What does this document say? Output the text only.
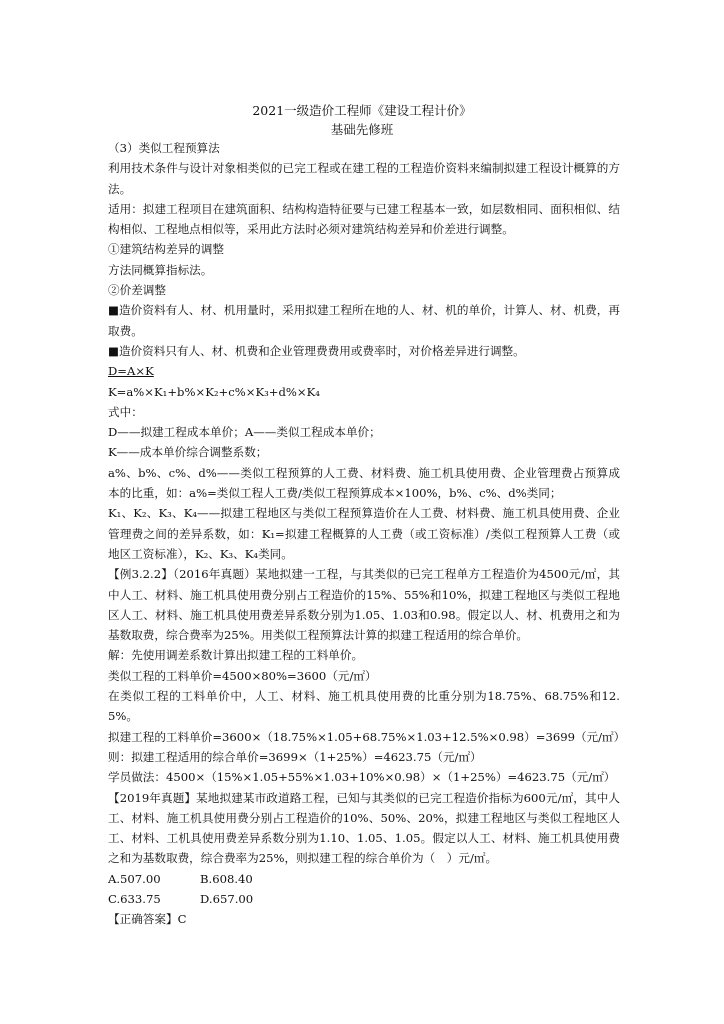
2021一级造价工程师《建设工程计价》
基础先修班

（3）类似工程预算法

利用技术条件与设计对象相类似的已完工程或在建工程的工程造价资料来编制拟建工程设计概算的方法。

适用：拟建工程项目在建筑面积、结构构造特征要与已建工程基本一致，如层数相同、面积相似、结构相似、工程地点相似等，采用此方法时必须对建筑结构差异和价差进行调整。

①建筑结构差异的调整

方法同概算指标法。

②价差调整

■造价资料有人、材、机用量时，采用拟建工程所在地的人、材、机的单价，计算人、材、机费，再取费。

■造价资料只有人、材、机费和企业管理费费用或费率时，对价格差异进行调整。

D=A×K

K=a%×K₁+b%×K₂+c%×K₃+d%×K₄

式中：

D——拟建工程成本单价；A——类似工程成本单价；

K——成本单价综合调整系数；

a%、b%、c%、d%——类似工程预算的人工费、材料费、施工机具使用费、企业管理费占预算成本的比重，如：a%=类似工程人工费/类似工程预算成本×100%，b%、c%、d%类同；

K₁、K₂、K₃、K₄——拟建工程地区与类似工程预算造价在人工费、材料费、施工机具使用费、企业管理费之间的差异系数，如：K₁=拟建工程概算的人工费（或工资标准）/类似工程预算人工费（或地区工资标准），K₂、K₃、K₄类同。

【例3.2.2】（2016年真题）某地拟建一工程，与其类似的已完工程单方工程造价为4500元/㎡，其中人工、材料、施工机具使用费分别占工程造价的15%、55%和10%，拟建工程地区与类似工程地区人工、材料、施工机具使用费差异系数分别为1.05、1.03和0.98。假定以人、材、机费用之和为基数取费，综合费率为25%。用类似工程预算法计算的拟建工程适用的综合单价。

解：先使用调差系数计算出拟建工程的工料单价。

类似工程的工料单价=4500×80%=3600（元/㎡）

在类似工程的工料单价中，人工、材料、施工机具使用费的比重分别为18.75%、68.75%和12.5%。

拟建工程的工料单价=3600×（18.75%×1.05+68.75%×1.03+12.5%×0.98）=3699（元/㎡）

则：拟建工程适用的综合单价=3699×（1+25%）=4623.75（元/㎡）

学员做法：4500×（15%×1.05+55%×1.03+10%×0.98）×（1+25%）=4623.75（元/㎡）

【2019年真题】某地拟建某市政道路工程，已知与其类似的已完工程造价指标为600元/㎡，其中人工、材料、施工机具使用费分别占工程造价的10%、50%、20%，拟建工程地区与类似工程地区人工、材料、工机具使用费差异系数分别为1.10、1.05、1.05。假定以人工、材料、施工机具使用费之和为基数取费，综合费率为25%，则拟建工程的综合单价为（　）元/㎡。

A.507.00	B.608.40
C.633.75	D.657.00

【正确答案】C
